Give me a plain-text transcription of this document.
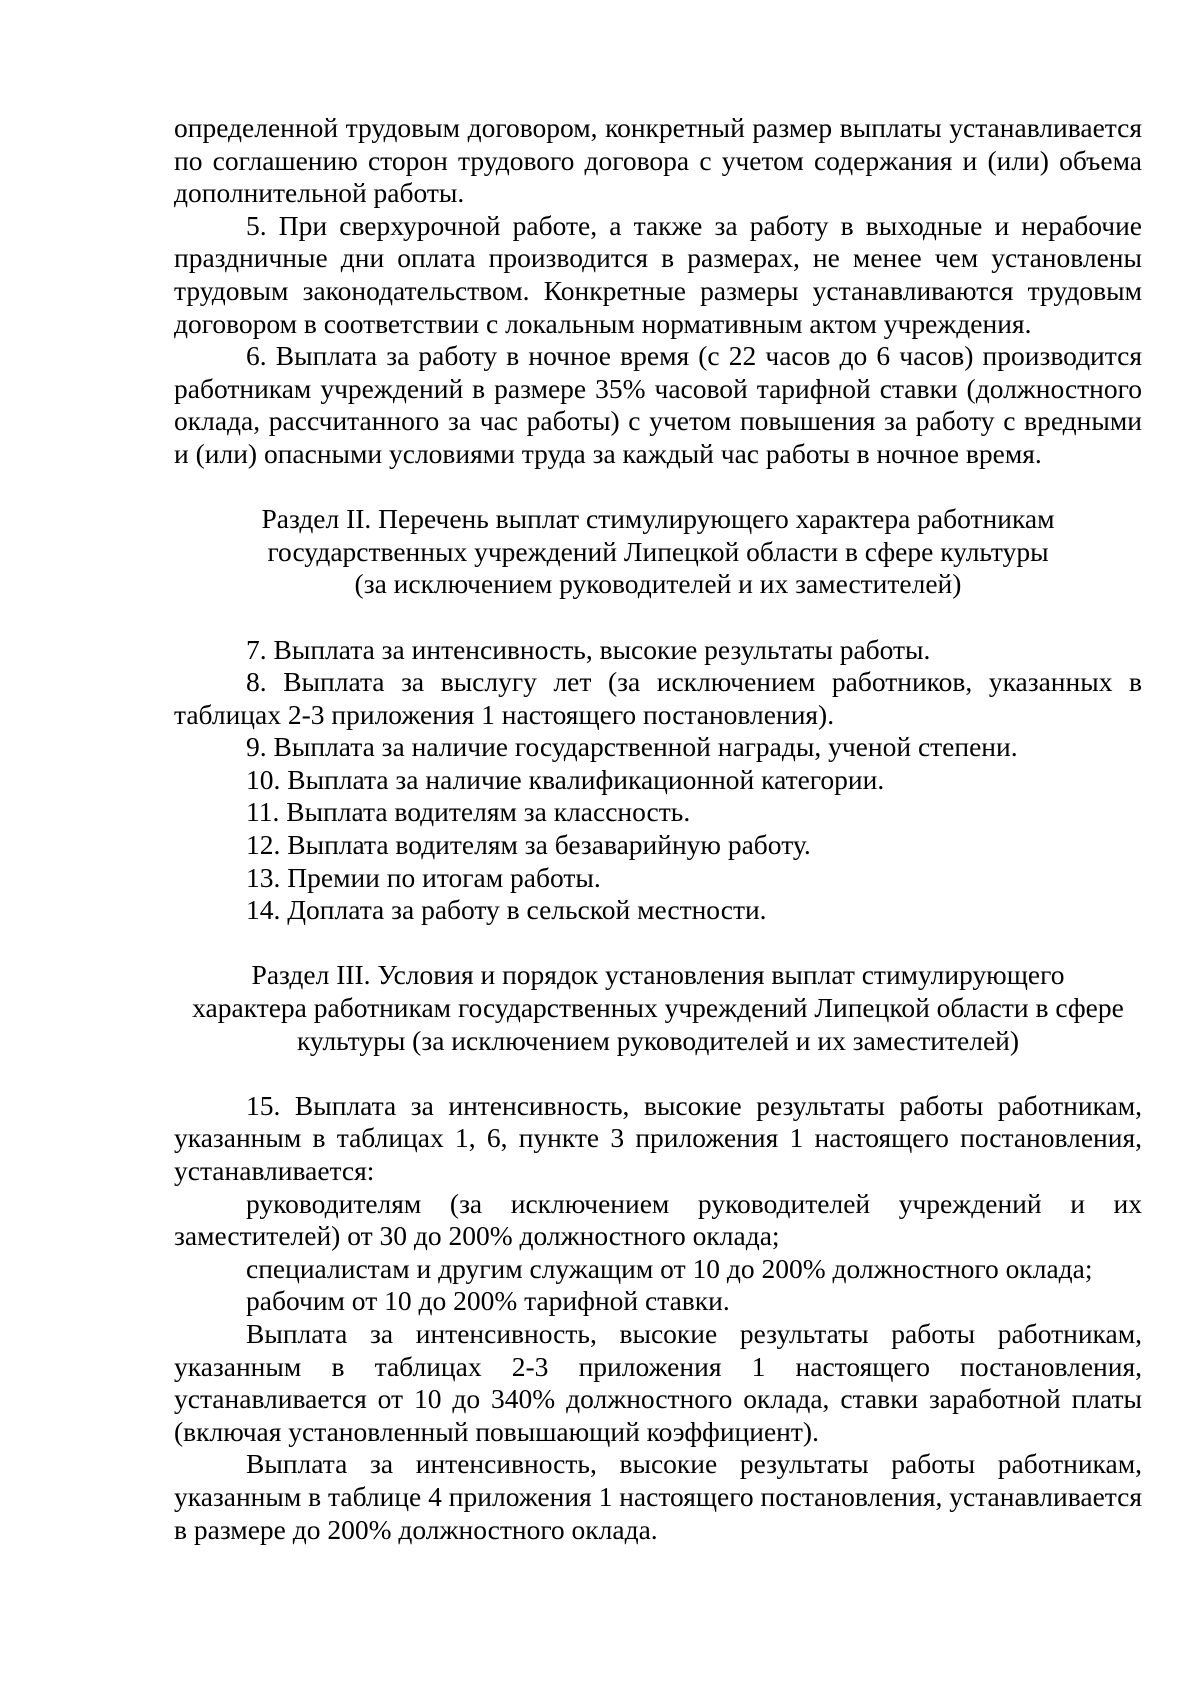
определенной трудовым договором, конкретный размер выплаты устанавливается по соглашению сторон трудового договора с учетом содержания и (или) объема дополнительной работы.

5. При сверхурочной работе, а также за работу в выходные и нерабочие праздничные дни оплата производится в размерах, не менее чем установлены трудовым законодательством. Конкретные размеры устанавливаются трудовым договором в соответствии с локальным нормативным актом учреждения.

6. Выплата за работу в ночное время (с 22 часов до 6 часов) производится работникам учреждений в размере 35% часовой тарифной ставки (должностного оклада, рассчитанного за час работы) с учетом повышения за работу с вредными и (или) опасными условиями труда за каждый час работы в ночное время.

Раздел II. Перечень выплат стимулирующего характера работникам

государственных учреждений Липецкой области в сфере культуры

(за исключением руководителей и их заместителей)

7. Выплата за интенсивность, высокие результаты работы.

8. Выплата за выслугу лет (за исключением работников, указанных в таблицах 2-3 приложения 1 настоящего постановления).

9. Выплата за наличие государственной награды, ученой степени.

10. Выплата за наличие квалификационной категории.

11. Выплата водителям за классность.

12. Выплата водителям за безаварийную работу.

13. Премии по итогам работы.

14. Доплата за работу в сельской местности.

Раздел III. Условия и порядок установления выплат стимулирующего

характера работникам государственных учреждений Липецкой области в сфере

культуры (за исключением руководителей и их заместителей)

15. Выплата за интенсивность, высокие результаты работы работникам, указанным в таблицах 1, 6, пункте 3 приложения 1 настоящего постановления, устанавливается:

руководителям (за исключением руководителей учреждений и их заместителей) от 30 до 200% должностного оклада;

специалистам и другим служащим от 10 до 200% должностного оклада;

рабочим от 10 до 200% тарифной ставки.

Выплата за интенсивность, высокие результаты работы работникам, указанным в таблицах 2-3 приложения 1 настоящего постановления, устанавливается от 10 до 340% должностного оклада, ставки заработной платы (включая установленный повышающий коэффициент).

Выплата за интенсивность, высокие результаты работы работникам, указанным в таблице 4 приложения 1 настоящего постановления, устанавливается в размере до 200% должностного оклада.
